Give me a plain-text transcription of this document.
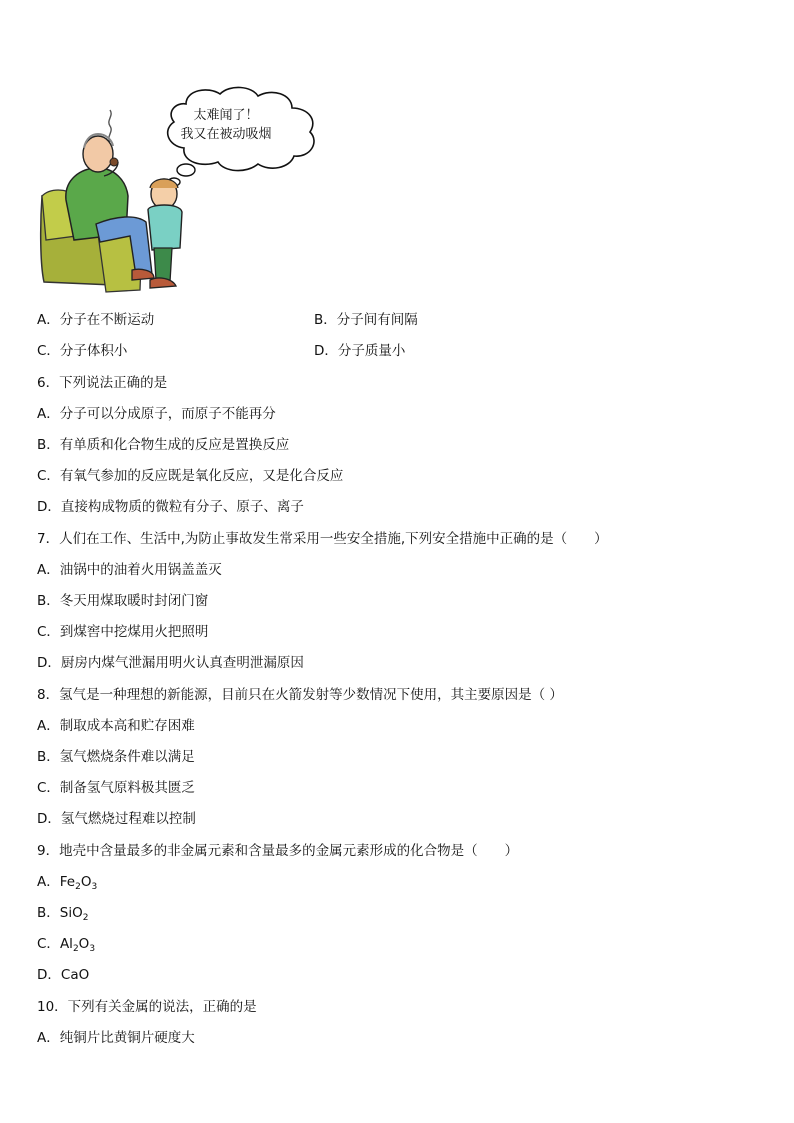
太难闻了！
我又在被动吸烟
A．分子在不断运动	B．分子间有间隔
C．分子体积小	D．分子质量小
6．下列说法正确的是
A．分子可以分成原子，而原子不能再分
B．有单质和化合物生成的反应是置换反应
C．有氧气参加的反应既是氧化反应，又是化合反应
D．直接构成物质的微粒有分子、原子、离子
7．人们在工作、生活中,为防止事故发生常采用一些安全措施,下列安全措施中正确的是（　　）
A．油锅中的油着火用锅盖盖灭
B．冬天用煤取暖时封闭门窗
C．到煤窖中挖煤用火把照明
D．厨房内煤气泄漏用明火认真查明泄漏原因
8．氢气是一种理想的新能源，目前只在火箭发射等少数情况下使用，其主要原因是（ ）
A．制取成本高和贮存困难
B．氢气燃烧条件难以满足
C．制备氢气原料极其匮乏
D．氢气燃烧过程难以控制
9．地壳中含量最多的非金属元素和含量最多的金属元素形成的化合物是（　　）
A．$Fe_2O_3$
B．SiO$_2$
C．$Al_2O_3$
D．CaO
10．下列有关金属的说法，正确的是
A．纯铜片比黄铜片硬度大
